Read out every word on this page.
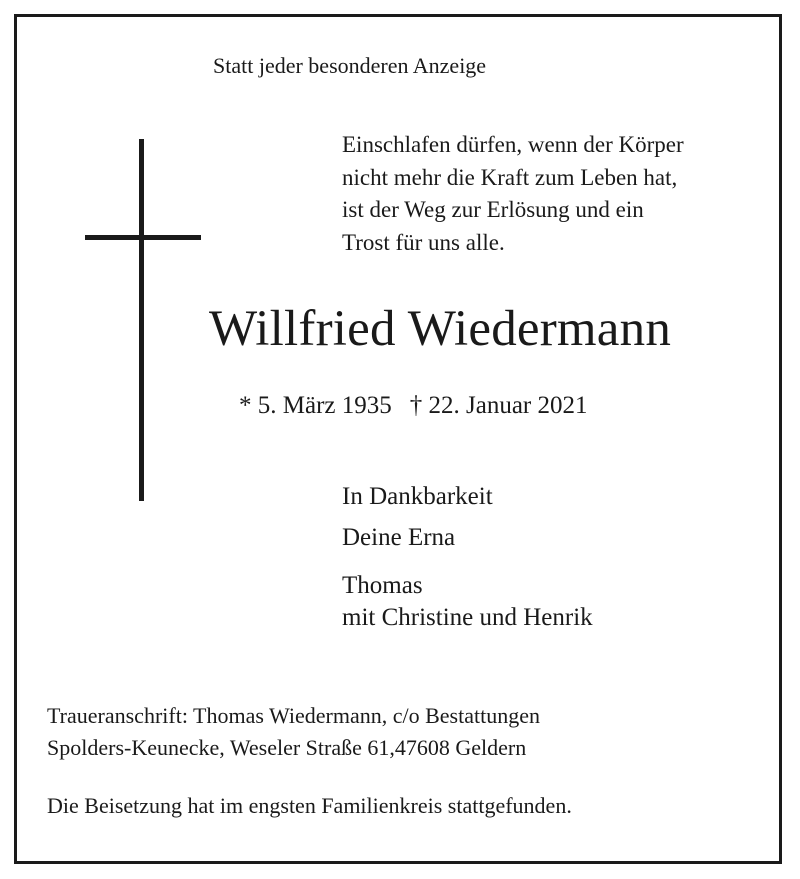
Statt jeder besonderen Anzeige
Einschlafen dürfen, wenn der Körper
nicht mehr die Kraft zum Leben hat,
ist der Weg zur Erlösung und ein
Trost für uns alle.
Willfried Wiedermann
* 5. März 1935 † 22. Januar 2021
In Dankbarkeit
Deine Erna
Thomas
mit Christine und Henrik
Traueranschrift: Thomas Wiedermann, c/o Bestattungen
Spolders-Keunecke, Weseler Straße 61,47608 Geldern
Die Beisetzung hat im engsten Familienkreis stattgefunden.
